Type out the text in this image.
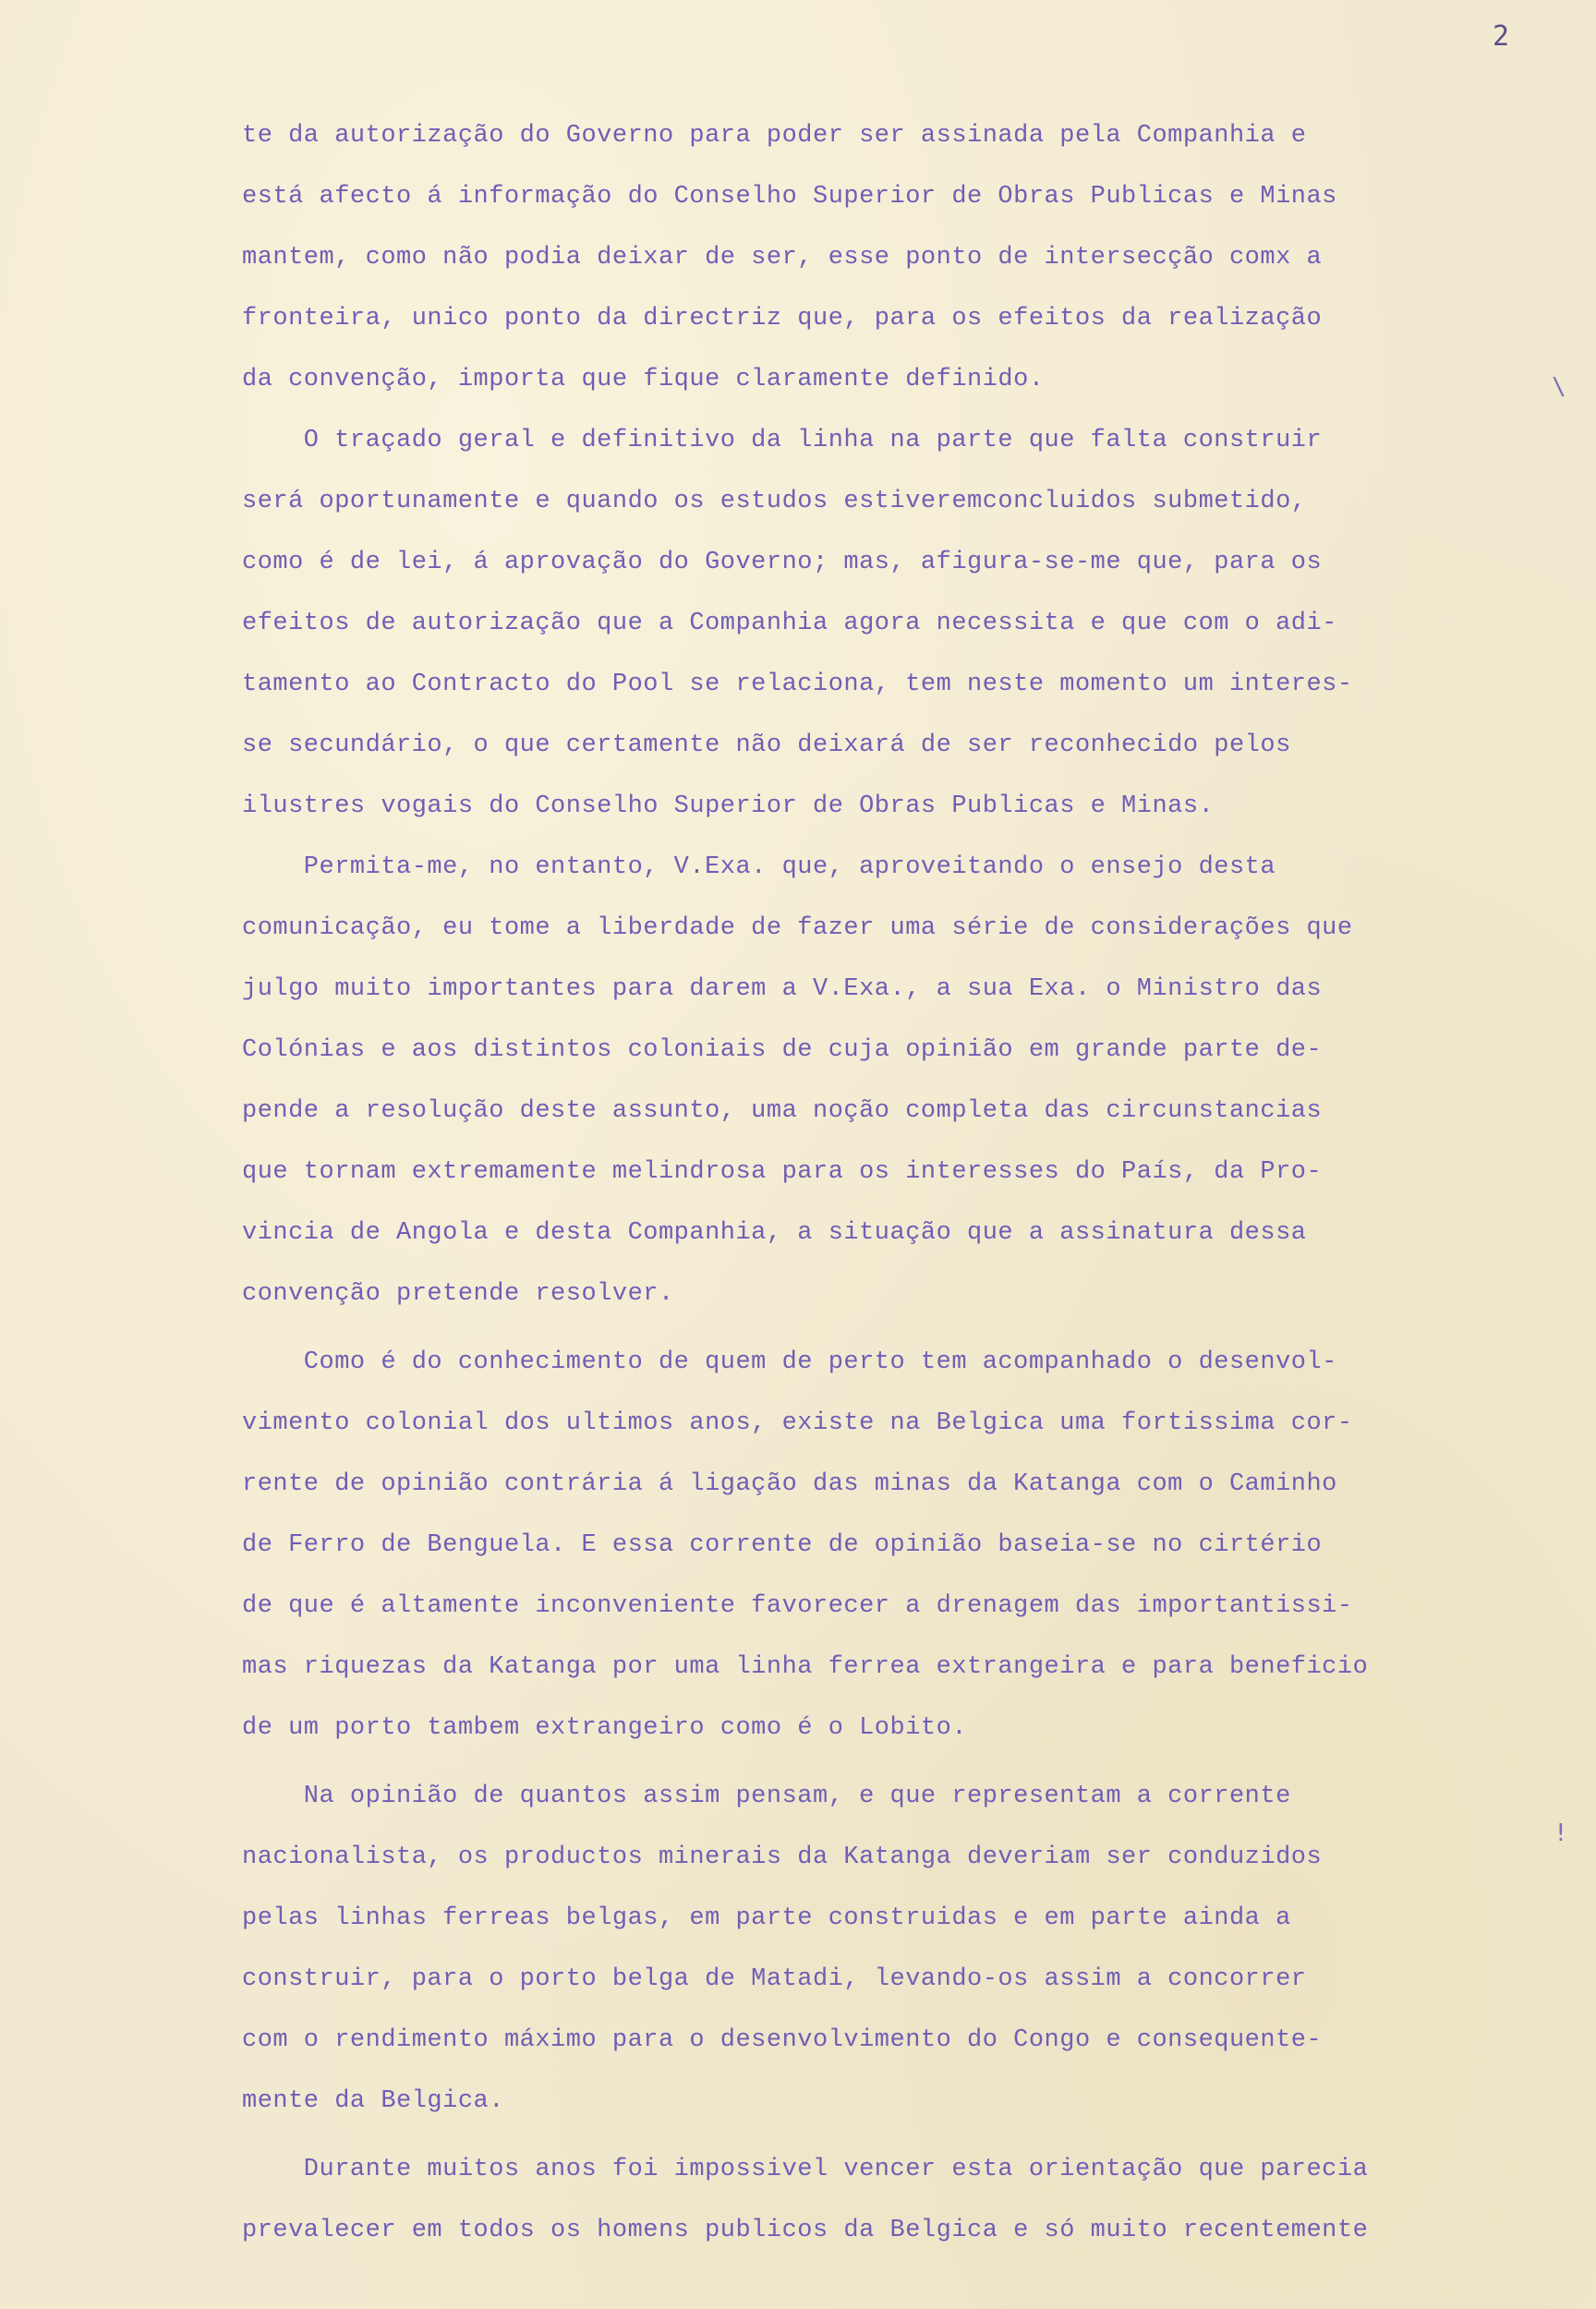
2
\
!
te da autorização do Governo para poder ser assinada pela Companhia e
está afecto á informação do Conselho Superior de Obras Publicas e Minas
mantem, como não podia deixar de ser, esse ponto de intersecção comx a
fronteira, unico ponto da directriz que, para os efeitos da realização
da convenção, importa que fique claramente definido.
O traçado geral e definitivo da linha na parte que falta construir
será oportunamente e quando os estudos estiveremconcluidos submetido,
como é de lei, á aprovação do Governo; mas, afigura-se-me que, para os
efeitos de autorização que a Companhia agora necessita e que com o adi-
tamento ao Contracto do Pool se relaciona, tem neste momento um interes-
se secundário, o que certamente não deixará de ser reconhecido pelos
ilustres vogais do Conselho Superior de Obras Publicas e Minas.
Permita-me, no entanto, V.Exa. que, aproveitando o ensejo desta
comunicação, eu tome a liberdade de fazer uma série de considerações que
julgo muito importantes para darem a V.Exa., a sua Exa. o Ministro das
Colónias e aos distintos coloniais de cuja opinião em grande parte de-
pende a resolução deste assunto, uma noção completa das circunstancias
que tornam extremamente melindrosa para os interesses do País, da Pro-
vincia de Angola e desta Companhia, a situação que a assinatura dessa
convenção pretende resolver.
Como é do conhecimento de quem de perto tem acompanhado o desenvol-
vimento colonial dos ultimos anos, existe na Belgica uma fortissima cor-
rente de opinião contrária á ligação das minas da Katanga com o Caminho
de Ferro de Benguela. E essa corrente de opinião baseia-se no cirtério
de que é altamente inconveniente favorecer a drenagem das importantissi-
mas riquezas da Katanga por uma linha ferrea extrangeira e para beneficio
de um porto tambem extrangeiro como é o Lobito.
Na opinião de quantos assim pensam, e que representam a corrente
nacionalista, os productos minerais da Katanga deveriam ser conduzidos
pelas linhas ferreas belgas, em parte construidas e em parte ainda a
construir, para o porto belga de Matadi, levando-os assim a concorrer
com o rendimento máximo para o desenvolvimento do Congo e consequente-
mente da Belgica.
Durante muitos anos foi impossivel vencer esta orientação que parecia
prevalecer em todos os homens publicos da Belgica e só muito recentemente
